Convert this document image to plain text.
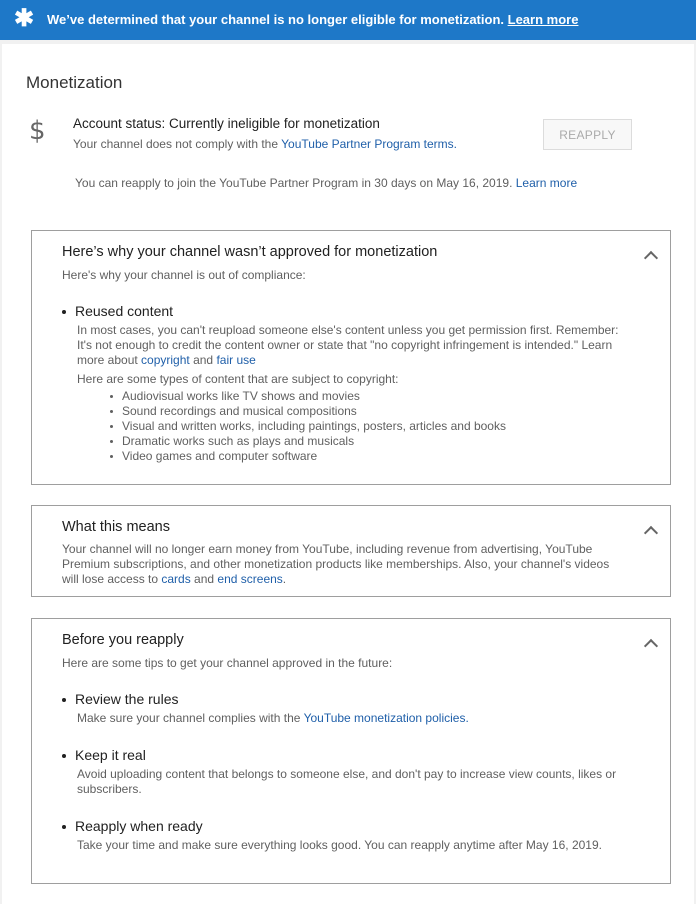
✱ We’ve determined that your channel is no longer eligible for monetization. Learn more
Monetization
$ Account status: Currently ineligible for monetization
Your channel does not comply with the YouTube Partner Program terms.
REAPPLY
You can reapply to join the YouTube Partner Program in 30 days on May 16, 2019. Learn more
Here’s why your channel wasn’t approved for monetization
Here's why your channel is out of compliance:
Reused content
In most cases, you can't reupload someone else's content unless you get permission first. Remember:
It's not enough to credit the content owner or state that "no copyright infringement is intended." Learn
more about copyright and fair use
Here are some types of content that are subject to copyright:
Audiovisual works like TV shows and movies
Sound recordings and musical compositions
Visual and written works, including paintings, posters, articles and books
Dramatic works such as plays and musicals
Video games and computer software
What this means
Your channel will no longer earn money from YouTube, including revenue from advertising, YouTube
Premium subscriptions, and other monetization products like memberships. Also, your channel's videos
will lose access to cards and end screens.
Before you reapply
Here are some tips to get your channel approved in the future:
Review the rules
Make sure your channel complies with the YouTube monetization policies.
Keep it real
Avoid uploading content that belongs to someone else, and don't pay to increase view counts, likes or
subscribers.
Reapply when ready
Take your time and make sure everything looks good. You can reapply anytime after May 16, 2019.
